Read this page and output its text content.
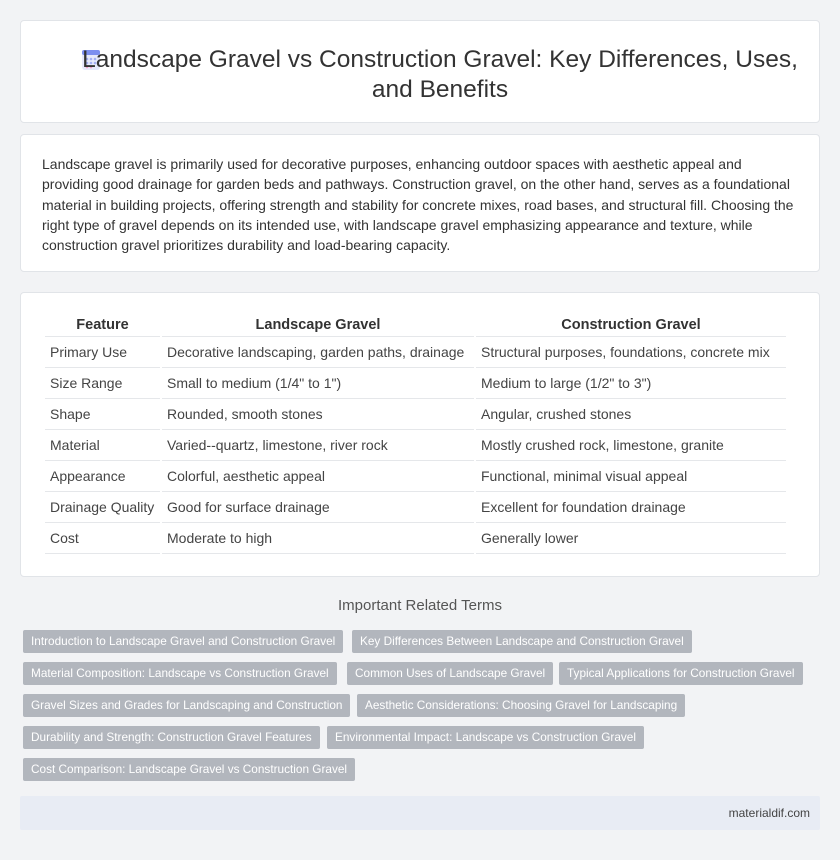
Landscape Gravel vs Construction Gravel: Key Differences, Uses, and Benefits

Landscape gravel is primarily used for decorative purposes, enhancing outdoor spaces with aesthetic appeal and providing good drainage for garden beds and pathways. Construction gravel, on the other hand, serves as a foundational material in building projects, offering strength and stability for concrete mixes, road bases, and structural fill. Choosing the right type of gravel depends on its intended use, with landscape gravel emphasizing appearance and texture, while construction gravel prioritizes durability and load-bearing capacity.

Feature	Landscape Gravel	Construction Gravel
Primary Use	Decorative landscaping, garden paths, drainage	Structural purposes, foundations, concrete mix
Size Range	Small to medium (1/4" to 1")	Medium to large (1/2" to 3")
Shape	Rounded, smooth stones	Angular, crushed stones
Material	Varied--quartz, limestone, river rock	Mostly crushed rock, limestone, granite
Appearance	Colorful, aesthetic appeal	Functional, minimal visual appeal
Drainage Quality	Good for surface drainage	Excellent for foundation drainage
Cost	Moderate to high	Generally lower
Important Related Terms
Introduction to Landscape Gravel and Construction Gravel	Key Differences Between Landscape and Construction Gravel
Material Composition: Landscape vs Construction Gravel	Common Uses of Landscape Gravel	Typical Applications for Construction Gravel
Gravel Sizes and Grades for Landscaping and Construction	Aesthetic Considerations: Choosing Gravel for Landscaping
Durability and Strength: Construction Gravel Features	Environmental Impact: Landscape vs Construction Gravel
Cost Comparison: Landscape Gravel vs Construction Gravel
materialdif.com
